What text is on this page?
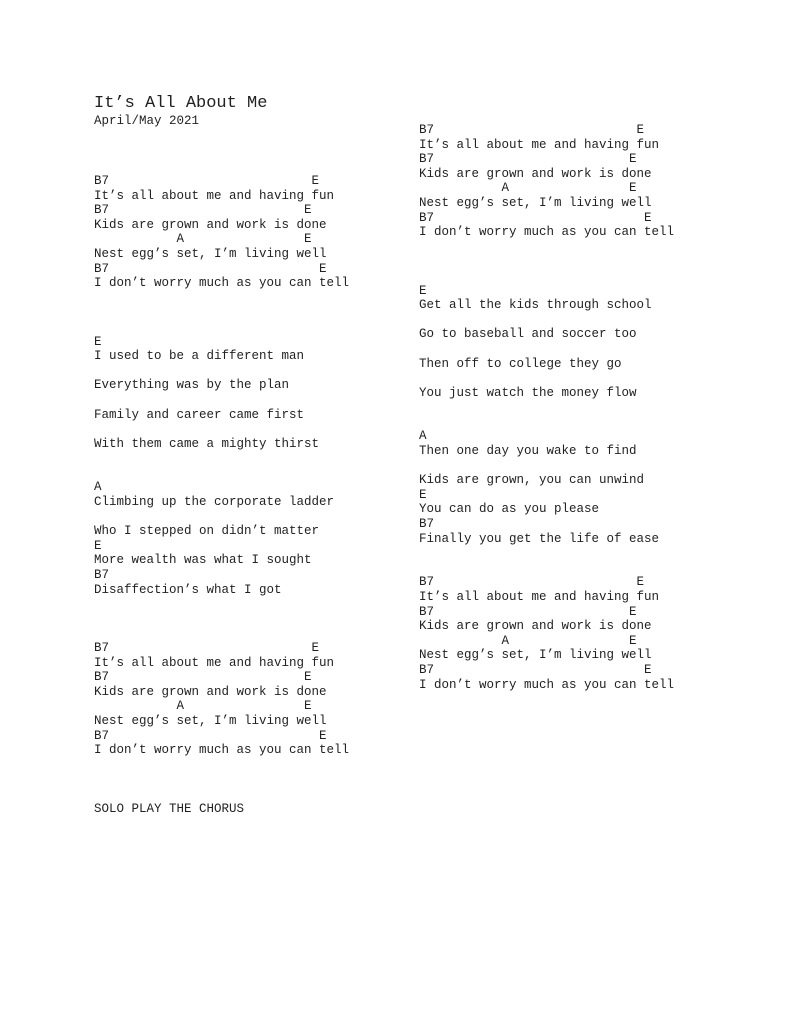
It’s All About Me
April/May 2021
B7                           E
It’s all about me and having fun
B7                          E
Kids are grown and work is done
A                E
Nest egg’s set, I’m living well
B7                            E
I don’t worry much as you can tell

E
I used to be a different man

Everything was by the plan

Family and career came first

With them came a mighty thirst

A
Climbing up the corporate ladder

Who I stepped on didn’t matter
E
More wealth was what I sought
B7
Disaffection’s what I got

B7                           E
It’s all about me and having fun
B7                          E
Kids are grown and work is done
A                E
Nest egg’s set, I’m living well
B7                            E
I don’t worry much as you can tell

SOLO PLAY THE CHORUS
B7                           E
It’s all about me and having fun
B7                          E
Kids are grown and work is done
A                E
Nest egg’s set, I’m living well
B7                            E
I don’t worry much as you can tell

E
Get all the kids through school

Go to baseball and soccer too

Then off to college they go

You just watch the money flow

A
Then one day you wake to find

Kids are grown, you can unwind
E
You can do as you please
B7
Finally you get the life of ease

B7                           E
It’s all about me and having fun
B7                          E
Kids are grown and work is done
A                E
Nest egg’s set, I’m living well
B7                            E
I don’t worry much as you can tell
